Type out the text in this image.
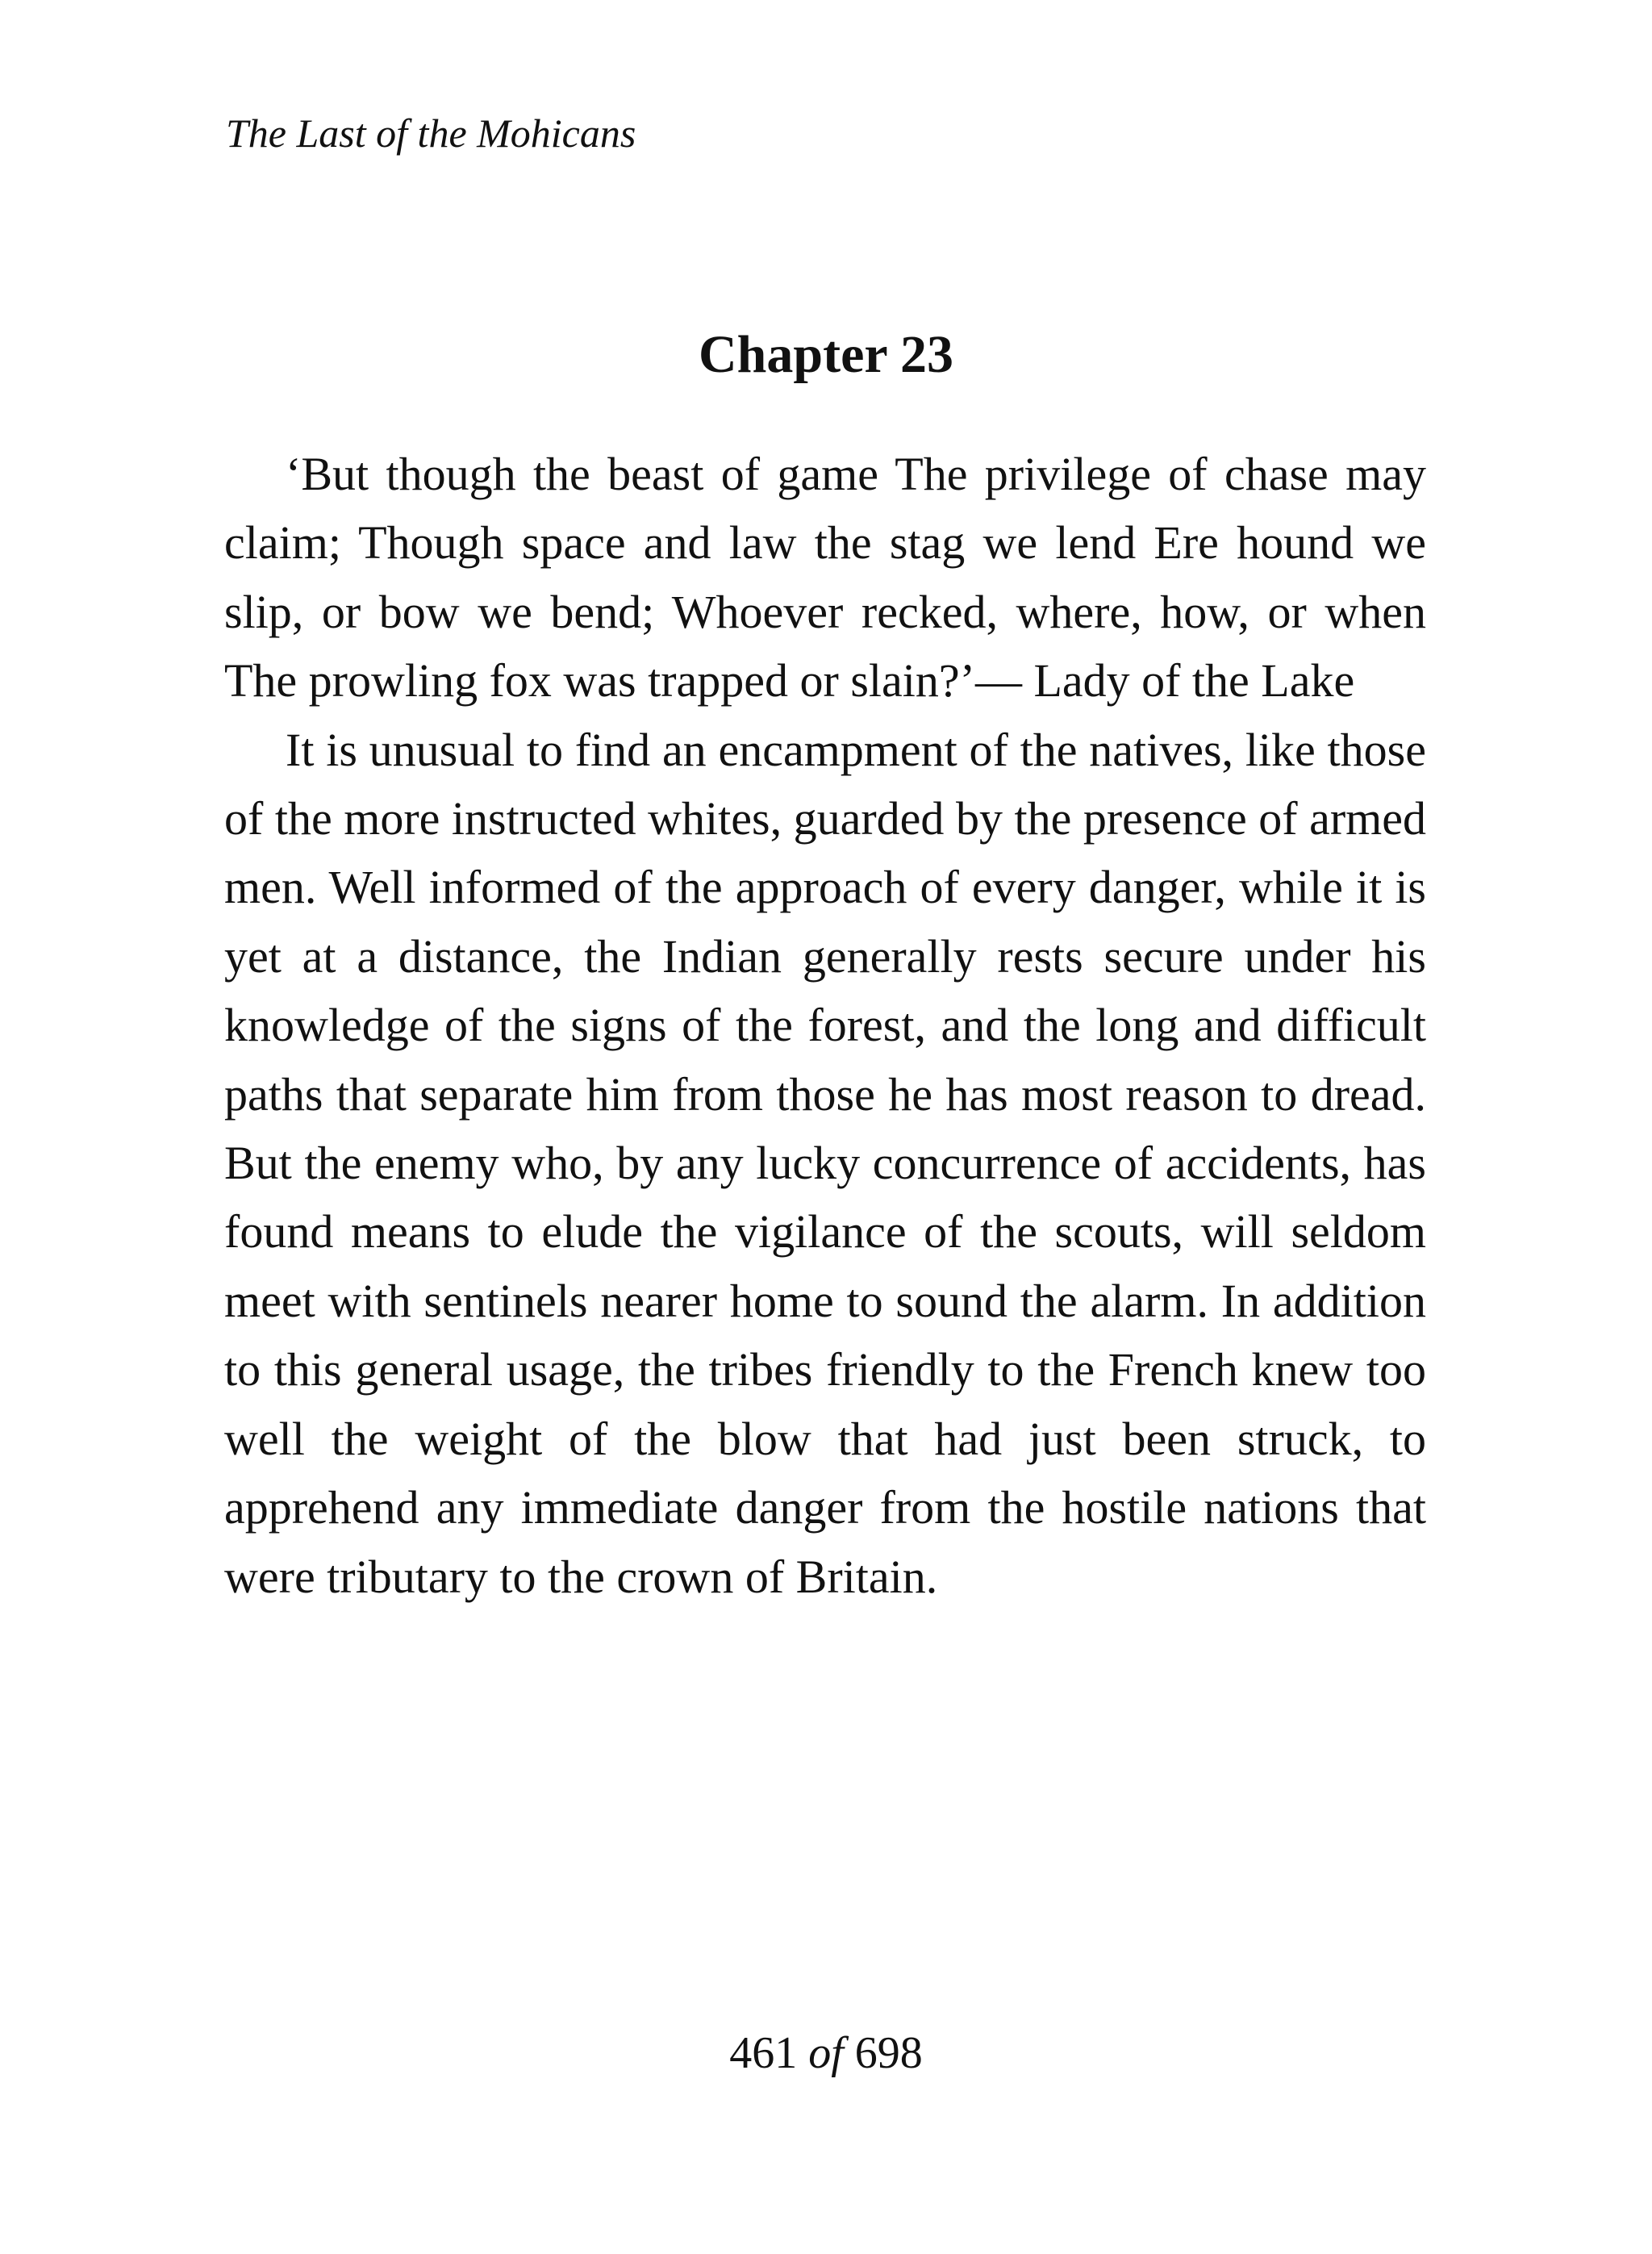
The Last of the Mohicans
Chapter 23

‘But though the beast of game The privilege of chase may claim; Though space and law the stag we lend Ere hound we slip, or bow we bend; Whoever recked, where, how, or when The prowling fox was trapped or slain?’— Lady of the Lake

It is unusual to find an encampment of the natives, like those of the more instructed whites, guarded by the presence of armed men. Well informed of the approach of every danger, while it is yet at a distance, the Indian generally rests secure under his knowledge of the signs of the forest, and the long and difficult paths that separate him from those he has most reason to dread. But the enemy who, by any lucky concurrence of accidents, has found means to elude the vigilance of the scouts, will seldom meet with sentinels nearer home to sound the alarm. In addition to this general usage, the tribes friendly to the French knew too well the weight of the blow that had just been struck, to apprehend any immediate danger from the hostile nations that were tributary to the crown of Britain.

461 of 698
